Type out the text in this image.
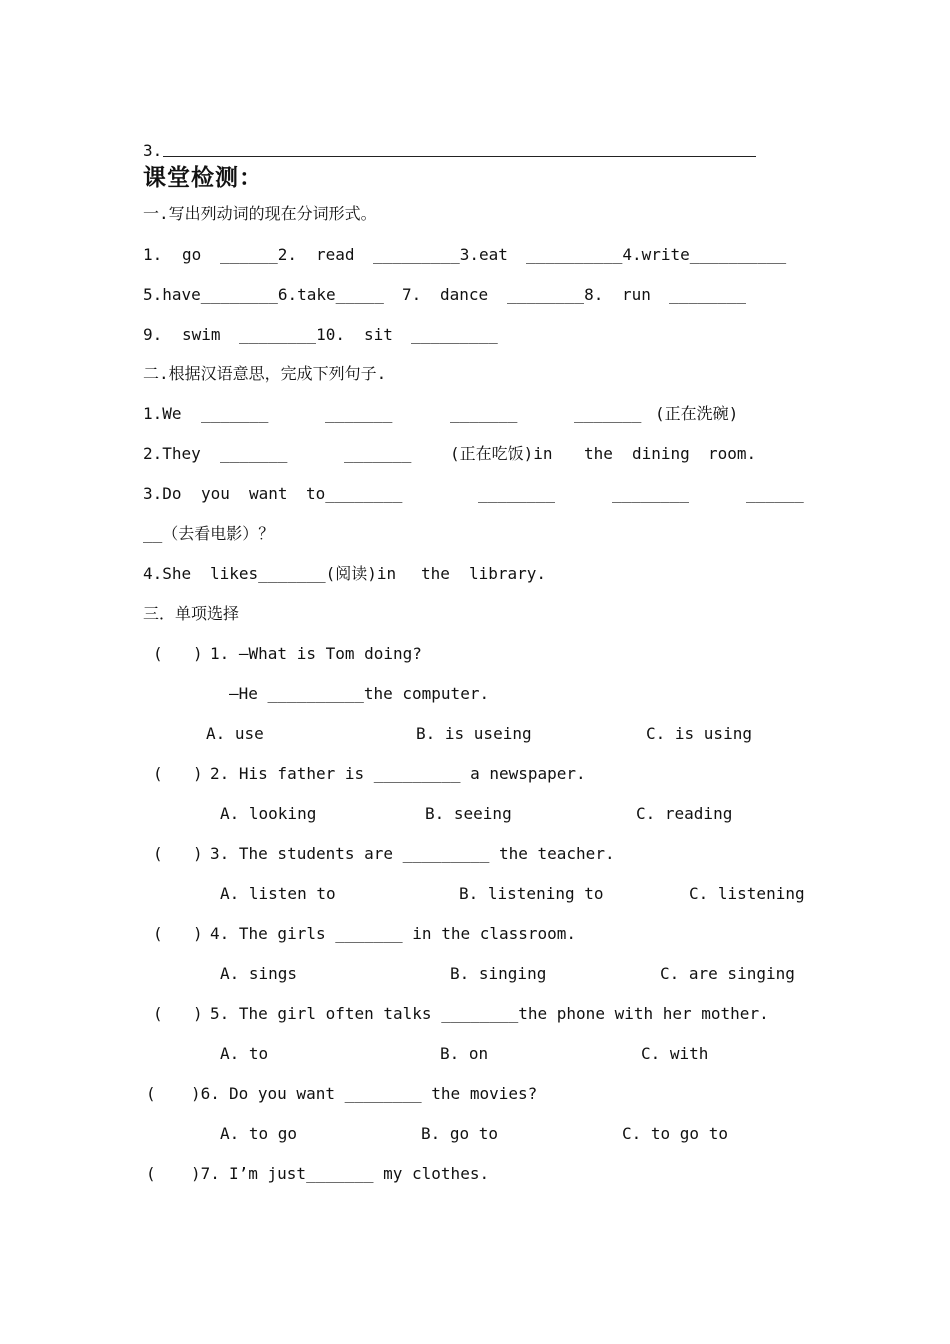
3.
课堂检测：
一.写出列动词的现在分词形式。
1. go ______2. read _________3.eat __________4.write__________
5.have________6.take_____ 7. dance ________8. run ________
9. swim ________10. sit _________
二.根据汉语意思，完成下列句子.
1.We _______	_______	_______	_______ (正在洗碗)
2.They _______	_______ (正在吃饭)in the dining room.
3.Do you want to________	________	________	______
__（去看电影）？
4.She likes_______(阅读)in the library.
三．单项选择
( ) 1. —What is Tom doing?
—He __________the computer.
A. use	B. is useing	C. is using
( ) 2. His father is _________ a newspaper.
A. looking	B. seeing	C. reading
( ) 3. The students are _________ the teacher.
A. listen to	B. listening to	C. listening
( ) 4. The girls _______ in the classroom.
A. sings	B. singing	C. are singing
( ) 5. The girl often talks ________the phone with her mother.
A. to	B. on	C. with
( )6. Do you want ________ the movies?
A. to go	B. go to	C. to go to
( )7. I’m just_______ my clothes.
